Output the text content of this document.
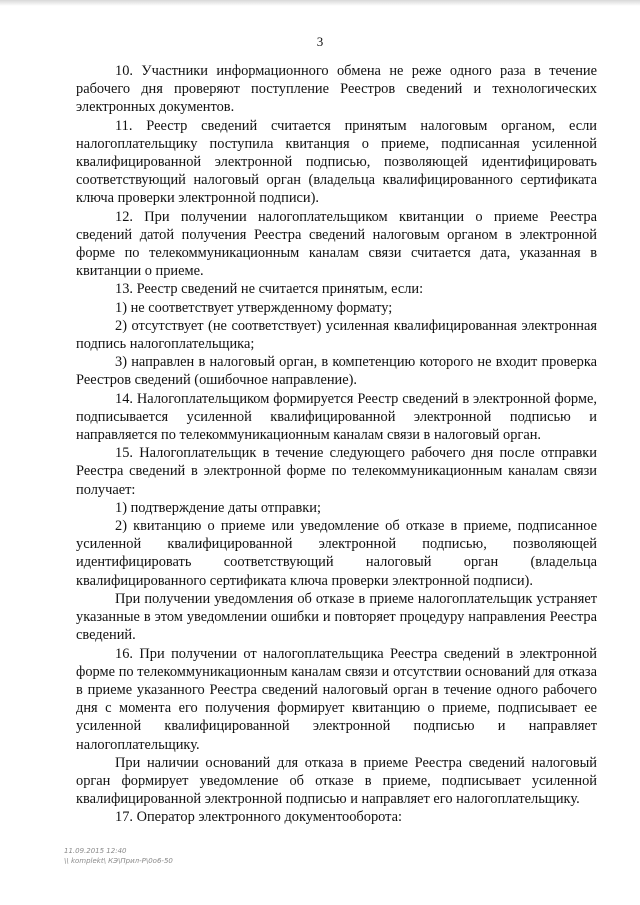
3

10. Участники информационного обмена не реже одного раза в течение рабочего дня проверяют поступление Реестров сведений и технологических электронных документов.

11. Реестр сведений считается принятым налоговым органом, если налогоплательщику поступила квитанция о приеме, подписанная усиленной квалифицированной электронной подписью, позволяющей идентифицировать соответствующий налоговый орган (владельца квалифицированного сертификата ключа проверки электронной подписи).

12. При получении налогоплательщиком квитанции о приеме Реестра сведений датой получения Реестра сведений налоговым органом в электронной форме по телекоммуникационным каналам связи считается дата, указанная в квитанции о приеме.

13. Реестр сведений не считается принятым, если:

1) не соответствует утвержденному формату;

2) отсутствует (не соответствует) усиленная квалифицированная электронная подпись налогоплательщика;

3) направлен в налоговый орган, в компетенцию которого не входит проверка Реестров сведений (ошибочное направление).

14. Налогоплательщиком формируется Реестр сведений в электронной форме, подписывается усиленной квалифицированной электронной подписью и направляется по телекоммуникационным каналам связи в налоговый орган.

15. Налогоплательщик в течение следующего рабочего дня после отправки Реестра сведений в электронной форме по телекоммуникационным каналам связи получает:

1) подтверждение даты отправки;

2) квитанцию о приеме или уведомление об отказе в приеме, подписанное усиленной квалифицированной электронной подписью, позволяющей идентифицировать соответствующий налоговый орган (владельца квалифицированного сертификата ключа проверки электронной подписи).

При получении уведомления об отказе в приеме налогоплательщик устраняет указанные в этом уведомлении ошибки и повторяет процедуру направления Реестра сведений.

16. При получении от налогоплательщика Реестра сведений в электронной форме по телекоммуникационным каналам связи и отсутствии оснований для отказа в приеме указанного Реестра сведений налоговый орган в течение одного рабочего дня с момента его получения формирует квитанцию о приеме, подписывает ее усиленной квалифицированной электронной подписью и направляет налогоплательщику.

При наличии оснований для отказа в приеме Реестра сведений налоговый орган формирует уведомление об отказе в приеме, подписывает усиленной квалифицированной электронной подписью и направляет его налогоплательщику.

17. Оператор электронного документооборота:

11.09.2015 12:40
\\ komplekt\ КЭ\Прил-Р\0о6-50
